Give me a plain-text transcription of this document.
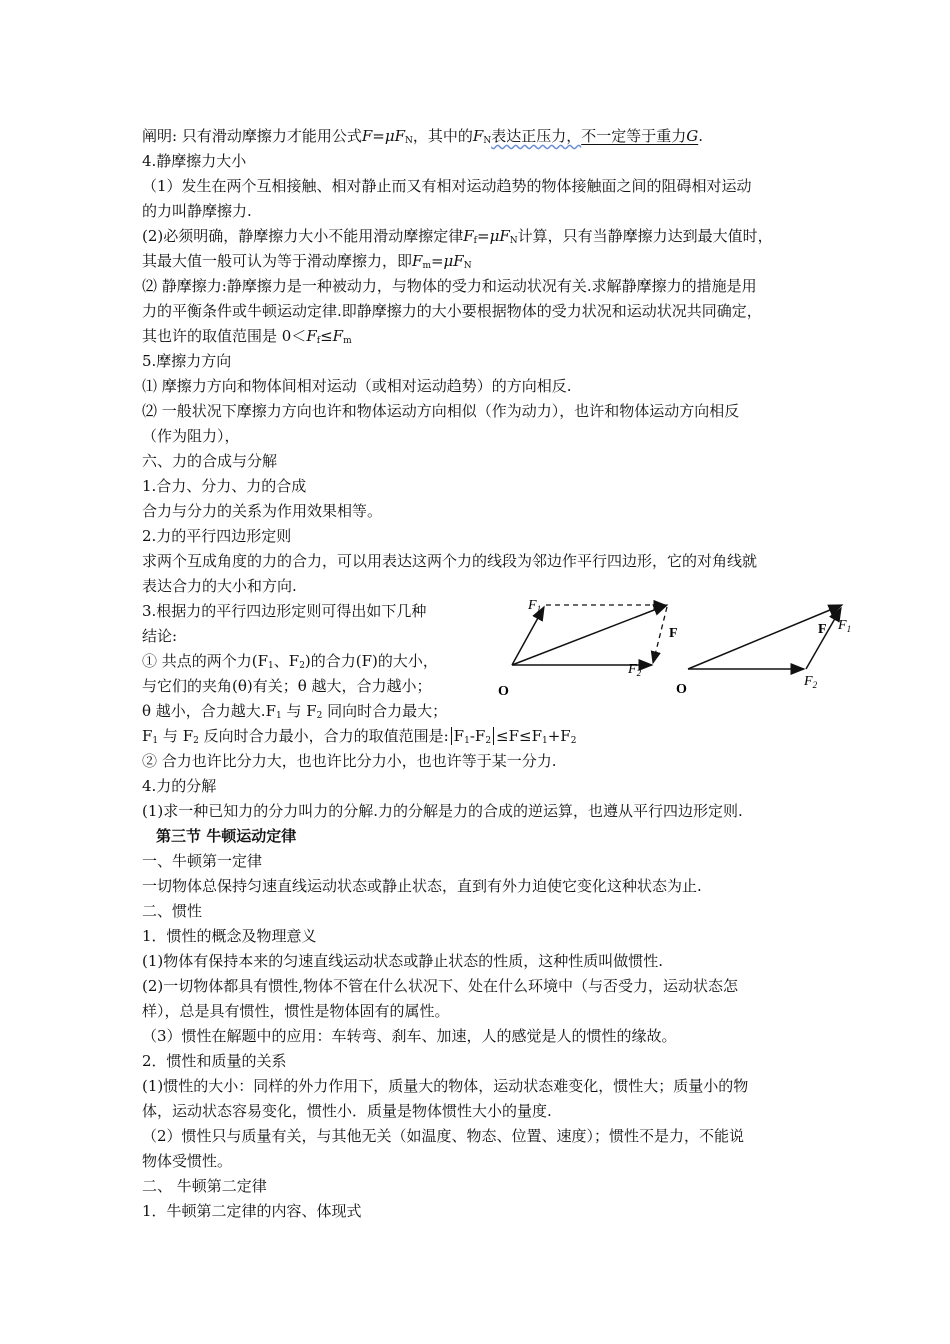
阐明: 只有滑动摩擦力才能用公式$F=\mu F_N$，其中的$F_N$表达正压力，不一定等于重力G.
4.静摩擦力大小
（1）发生在两个互相接触、相对静止而又有相对运动趋势的物体接触面之间的阻碍相对运动
的力叫静摩擦力.
(2)必须明确，静摩擦力大小不能用滑动摩擦定律$F_f=\mu F_N$计算，只有当静摩擦力达到最大值时，
其最大值一般可认为等于滑动摩擦力，即$F_m=\mu F_N$
⑵ 静摩擦力:静摩擦力是一种被动力，与物体的受力和运动状况有关.求解静摩擦力的措施是用
力的平衡条件或牛顿运动定律.即静摩擦力的大小要根据物体的受力状况和运动状况共同确定，
其也许的取值范围是 $0<F_f\le F_m$
5.摩擦力方向
⑴ 摩擦力方向和物体间相对运动（或相对运动趋势）的方向相反.
⑵ 一般状况下摩擦力方向也许和物体运动方向相似（作为动力），也许和物体运动方向相反
（作为阻力），
六、力的合成与分解
1.合力、分力、力的合成
合力与分力的关系为作用效果相等。
2.力的平行四边形定则
求两个互成角度的力的合力，可以用表达这两个力的线段为邻边作平行四边形，它的对角线就
表达合力的大小和方向.
3.根据力的平行四边形定则可得出如下几种
结论:
① 共点的两个力($F_1$、$F_2$)的合力(F)的大小，
与它们的夹角(θ)有关；θ 越大，合力越小；
θ 越小，合力越大$.F_1$ 与 $F_2$ 同向时合力最大；
$F_1$
$F_2$
F
O
$F_1$
$F_2$
F
O
$F_1$ 与 $F_2$ 反向时合力最小，合力的取值范围是: $F_1-F_2 \le F\le F_1+F_2$
② 合力也许比分力大，也也许比分力小，也也许等于某一分力.
4.力的分解
(1)求一种已知力的分力叫力的分解.力的分解是力的合成的逆运算，也遵从平行四边形定则.
第三节 牛顿运动定律
一、牛顿第一定律
一切物体总保持匀速直线运动状态或静止状态，直到有外力迫使它变化这种状态为止.
二、惯性
1．惯性的概念及物理意义
(1)物体有保持本来的匀速直线运动状态或静止状态的性质，这种性质叫做惯性.
(2)一切物体都具有惯性,物体不管在什么状况下、处在什么环境中（与否受力，运动状态怎
样），总是具有惯性，惯性是物体固有的属性。
（3）惯性在解题中的应用：车转弯、刹车、加速，人的感觉是人的惯性的缘故。
2．惯性和质量的关系
(1)惯性的大小：同样的外力作用下，质量大的物体，运动状态难变化，惯性大；质量小的物
体，运动状态容易变化，惯性小．质量是物体惯性大小的量度.
（2）惯性只与质量有关，与其他无关（如温度、物态、位置、速度）；惯性不是力，不能说
物体受惯性。
二、 牛顿第二定律
1．牛顿第二定律的内容、体现式
